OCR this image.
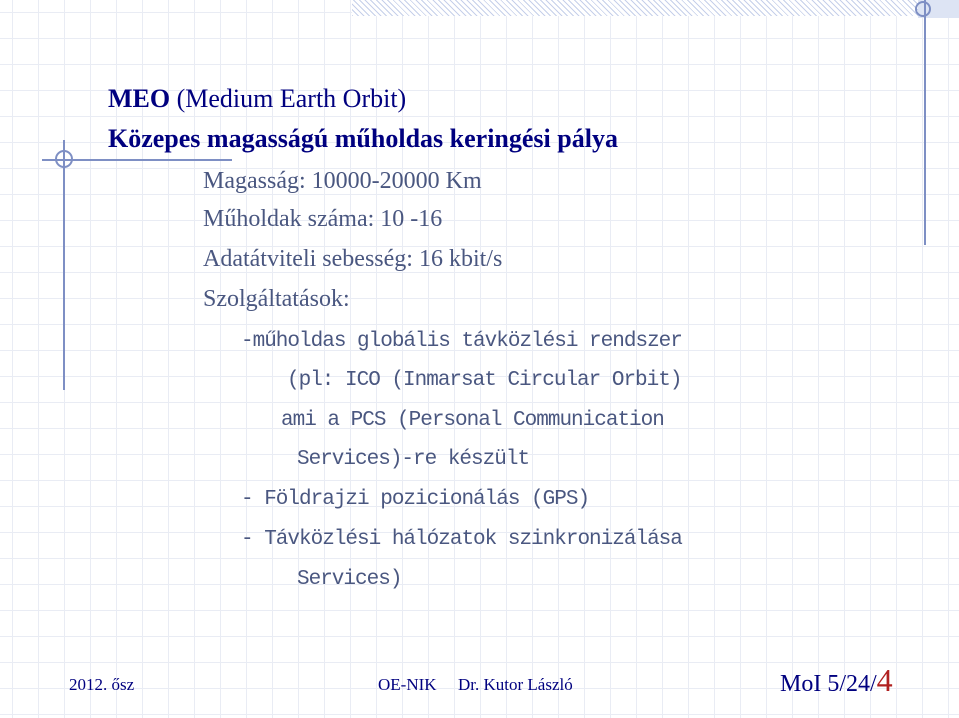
MEO (Medium Earth Orbit)

Közepes magasságú műholdas keringési pálya

Magasság: 10000-20000 Km

Műholdak száma: 10 -16

Adatátviteli sebesség: 16 kbit/s

Szolgáltatások:

-műholdas globális távközlési rendszer

(pl: ICO (Inmarsat Circular Orbit)

ami a PCS (Personal Communication

Services)-re készült

- Földrajzi pozicionálás (GPS)

- Távközlési hálózatok szinkronizálása

Services)

2012. ősz	OE-NIK Dr. Kutor László	MoI 5/24/4
